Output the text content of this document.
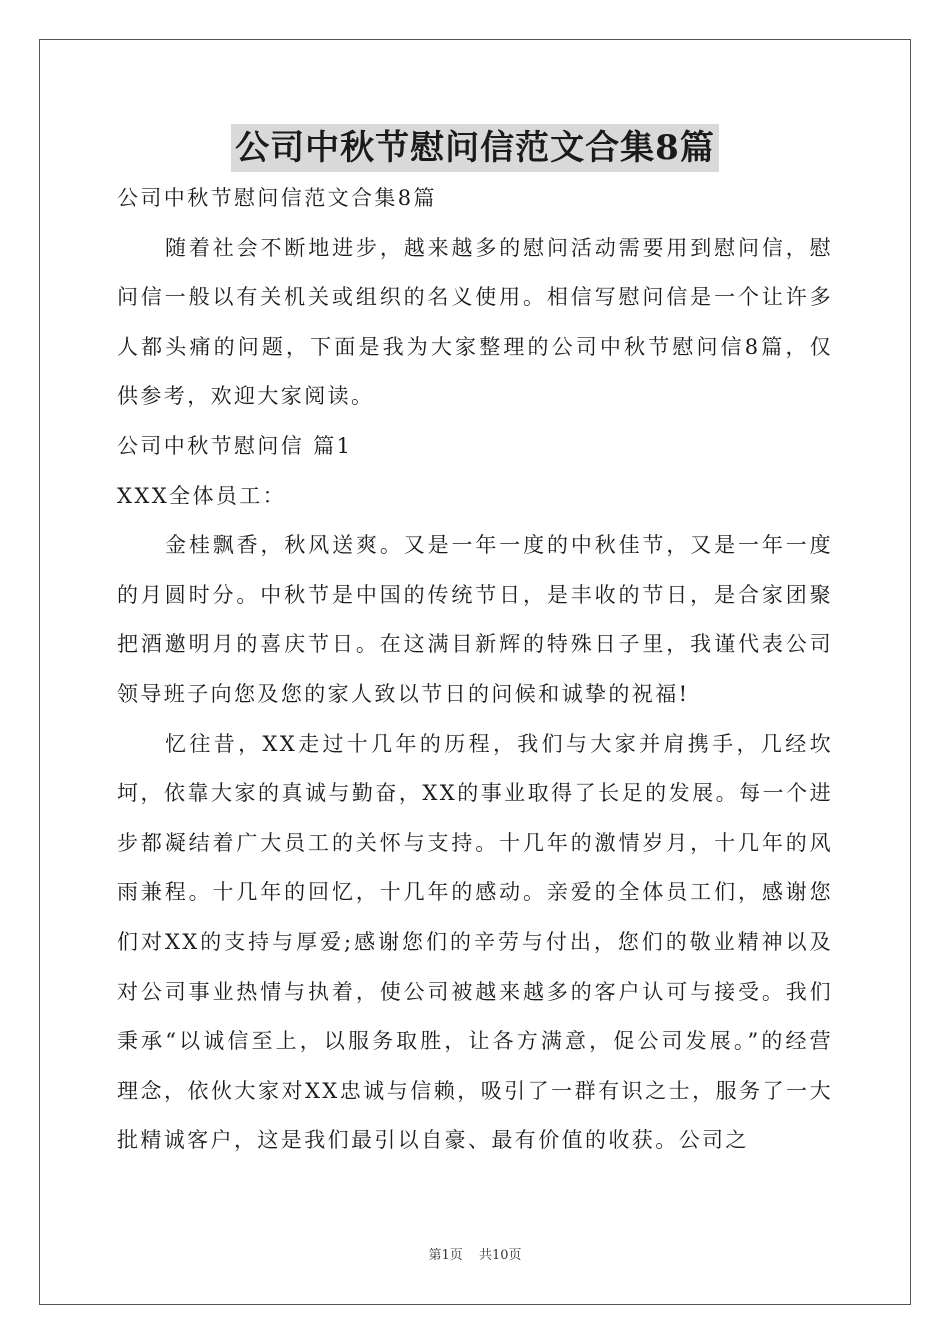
公司中秋节慰问信范文合集8篇
公司中秋节慰问信范文合集8篇

随着社会不断地进步，越来越多的慰问活动需要用到慰问信，慰问信一般以有关机关或组织的名义使用。相信写慰问信是一个让许多人都头痛的问题，下面是我为大家整理的公司中秋节慰问信8篇，仅供参考，欢迎大家阅读。

公司中秋节慰问信 篇1
XXX全体员工：

金桂飘香，秋风送爽。又是一年一度的中秋佳节，又是一年一度的月圆时分。中秋节是中国的传统节日，是丰收的节日，是合家团聚把酒邀明月的喜庆节日。在这满目新辉的特殊日子里，我谨代表公司领导班子向您及您的家人致以节日的问候和诚挚的祝福!

忆往昔，XX走过十几年的历程，我们与大家并肩携手，几经坎坷，依靠大家的真诚与勤奋，XX的事业取得了长足的发展。每一个进步都凝结着广大员工的关怀与支持。十几年的激情岁月，十几年的风雨兼程。十几年的回忆，十几年的感动。亲爱的全体员工们，感谢您们对XX的支持与厚爱;感谢您们的辛劳与付出，您们的敬业精神以及对公司事业热情与执着，使公司被越来越多的客户认可与接受。我们秉承“以诚信至上，以服务取胜，让各方满意，促公司发展。”的经营理念，依伙大家对XX忠诚与信赖，吸引了一群有识之士，服务了一大批精诚客户，这是我们最引以自豪、最有价值的收获。公司之

第1页 共10页
